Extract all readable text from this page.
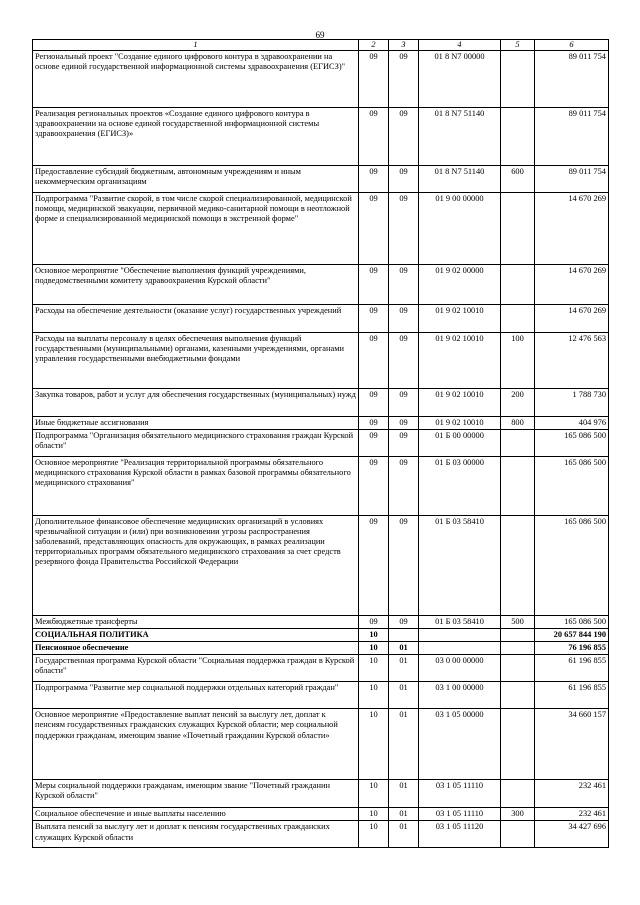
69
1	2	3	4	5	6
Региональный проект "Создание единого цифрового контура в здравоохранении на основе единой государственной информационной системы здравоохранения (ЕГИСЗ)"	09	09	01 8 N7 00000		89 011 754
Реализация региональных проектов «Создание единого цифрового контура в здравоохранении на основе единой государственной информационной системы здравоохранения (ЕГИСЗ)»	09	09	01 8 N7 51140		89 011 754
Предоставление субсидий бюджетным, автономным учреждениям и иным некоммерческим организациям	09	09	01 8 N7 51140	600	89 011 754
Подпрограмма "Развитие скорой, в том числе скорой специализированной, медицинской помощи, медицинской эвакуации, первичной медико-санитарной помощи в неотложной форме и специализированной медицинской помощи в экстренной форме"	09	09	01 9 00 00000		14 670 269
Основное мероприятие "Обеспечение выполнения функций учреждениями, подведомственными комитету здравоохранения Курской области"	09	09	01 9 02 00000		14 670 269
Расходы на обеспечение деятельности (оказание услуг) государственных учреждений	09	09	01 9 02 10010		14 670 269
Расходы на выплаты персоналу в целях обеспечения выполнения функций государственными (муниципальными) органами, казенными учреждениями, органами управления государственными внебюджетными фондами	09	09	01 9 02 10010	100	12 476 563
Закупка товаров, работ и услуг для обеспечения государственных (муниципальных) нужд	09	09	01 9 02 10010	200	1 788 730
Иные бюджетные ассигнования	09	09	01 9 02 10010	800	404 976
Подпрограмма "Организация обязательного медицинского страхования граждан Курской области"	09	09	01 Б 00 00000		165 086 500
Основное мероприятие "Реализация территориальной программы обязательного медицинского страхования Курской области в рамках базовой программы обязательного медицинского страхования"	09	09	01 Б 03 00000		165 086 500
Дополнительное финансовое обеспечение медицинских организаций в условиях чрезвычайной ситуации и (или) при возникновении угрозы распространения заболеваний, представляющих опасность для окружающих, в рамках реализации территориальных программ обязательного медицинского страхования за счет средств резервного фонда Правительства Российской Федерации	09	09	01 Б 03 58410		165 086 500
Межбюджетные трансферты	09	09	01 Б 03 58410	500	165 086 500
СОЦИАЛЬНАЯ ПОЛИТИКА	10				20 657 844 190
Пенсионное обеспечение	10	01			76 196 855
Государственная программа Курской области "Социальная поддержка граждан в Курской области"	10	01	03 0 00 00000		61 196 855
Подпрограмма "Развитие мер социальной поддержки отдельных категорий граждан"	10	01	03 1 00 00000		61 196 855
Основное мероприятие «Предоставление выплат пенсий за выслугу лет, доплат к пенсиям государственных гражданских служащих Курской области; мер социальной поддержки гражданам, имеющим звание «Почетный гражданин Курской области»	10	01	03 1 05 00000		34 660 157
Меры социальной поддержки гражданам, имеющим звание "Почетный гражданин Курской области"	10	01	03 1 05 11110		232 461
Социальное обеспечение и иные выплаты населению	10	01	03 1 05 11110	300	232 461
Выплата пенсий за выслугу лет и доплат к пенсиям государственных гражданских служащих Курской области	10	01	03 1 05 11120		34 427 696
